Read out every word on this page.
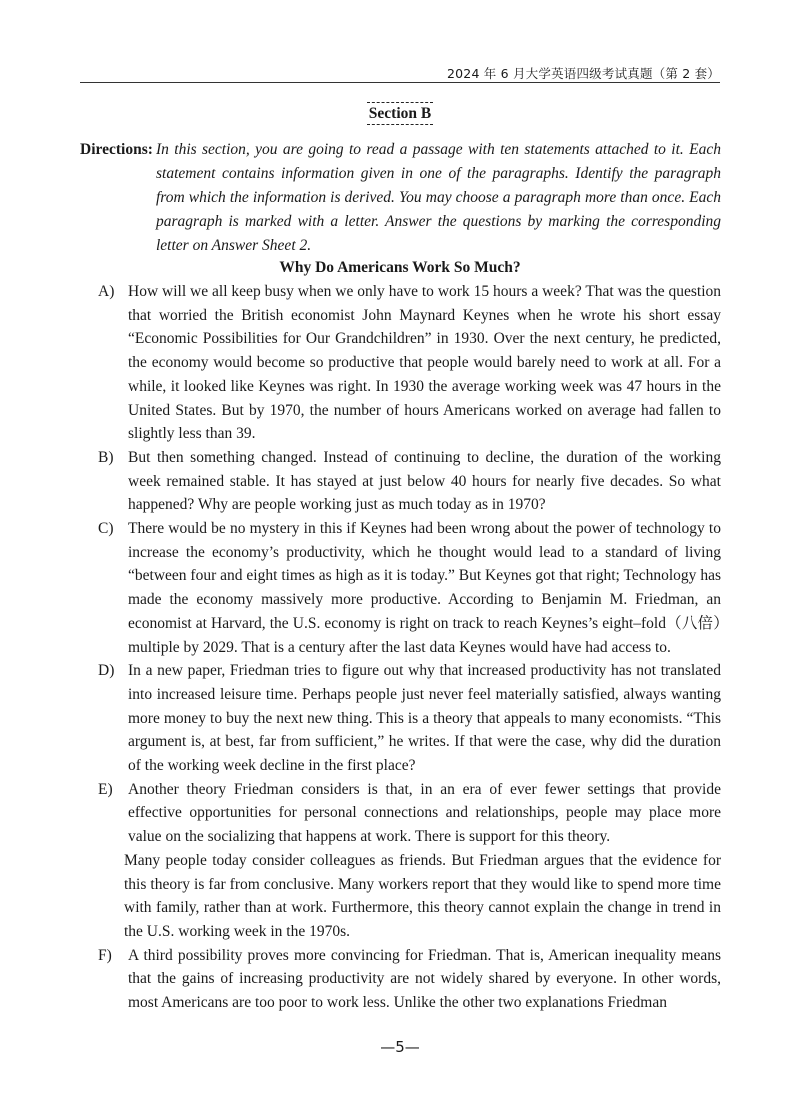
2024 年 6 月大学英语四级考试真题（第 2 套）
Section B
Directions: In this section, you are going to read a passage with ten statements attached to it. Each statement contains information given in one of the paragraphs. Identify the paragraph from which the information is derived. You may choose a paragraph more than once. Each paragraph is marked with a letter. Answer the questions by marking the corresponding letter on Answer Sheet 2.
Why Do Americans Work So Much?
A) How will we all keep busy when we only have to work 15 hours a week? That was the question that worried the British economist John Maynard Keynes when he wrote his short essay “Economic Possibilities for Our Grandchildren” in 1930. Over the next century, he predicted, the economy would become so productive that people would barely need to work at all. For a while, it looked like Keynes was right. In 1930 the average working week was 47 hours in the United States. But by 1970, the number of hours Americans worked on average had fallen to slightly less than 39.
B) But then something changed. Instead of continuing to decline, the duration of the working week remained stable. It has stayed at just below 40 hours for nearly five decades. So what happened? Why are people working just as much today as in 1970?
C) There would be no mystery in this if Keynes had been wrong about the power of technology to increase the economy’s productivity, which he thought would lead to a standard of living “between four and eight times as high as it is today.” But Keynes got that right; Technology has made the economy massively more productive. According to Benjamin M. Friedman, an economist at Harvard, the U.S. economy is right on track to reach Keynes’s eight–fold（八倍）multiple by 2029. That is a century after the last data Keynes would have had access to.
D) In a new paper, Friedman tries to figure out why that increased productivity has not translated into increased leisure time. Perhaps people just never feel materially satisfied, always wanting more money to buy the next new thing. This is a theory that appeals to many economists. “This argument is, at best, far from sufficient,” he writes. If that were the case, why did the duration of the working week decline in the first place?
E) Another theory Friedman considers is that, in an era of ever fewer settings that provide effective opportunities for personal connections and relationships, people may place more value on the socializing that happens at work. There is support for this theory.
Many people today consider colleagues as friends. But Friedman argues that the evidence for this theory is far from conclusive. Many workers report that they would like to spend more time with family, rather than at work. Furthermore, this theory cannot explain the change in trend in the U.S. working week in the 1970s.
F) A third possibility proves more convincing for Friedman. That is, American inequality means that the gains of increasing productivity are not widely shared by everyone. In other words, most Americans are too poor to work less. Unlike the other two explanations Friedman
—5—
